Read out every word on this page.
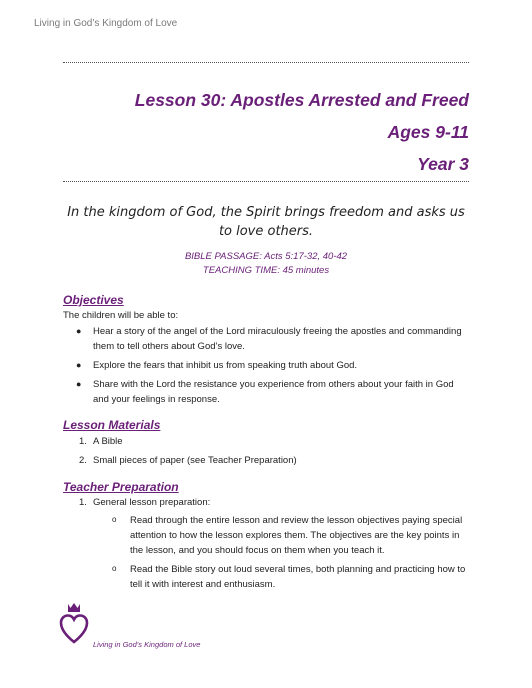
Living in God’s Kingdom of Love
Lesson 30: Apostles Arrested and Freed
Ages 9-11
Year 3
In the kingdom of God, the Spirit brings freedom and asks us to love others.
BIBLE PASSAGE: Acts 5:17-32, 40-42
TEACHING TIME: 45 minutes
Objectives
The children will be able to:
● Hear a story of the angel of the Lord miraculously freeing the apostles and commanding them to tell others about God’s love.
● Explore the fears that inhibit us from speaking truth about God.
● Share with the Lord the resistance you experience from others about your faith in God and your feelings in response.
Lesson Materials
1. A Bible
2. Small pieces of paper (see Teacher Preparation)
Teacher Preparation
1. General lesson preparation:
o Read through the entire lesson and review the lesson objectives paying special attention to how the lesson explores them. The objectives are the key points in the lesson, and you should focus on them when you teach it.
o Read the Bible story out loud several times, both planning and practicing how to tell it with interest and enthusiasm.
Living in God’s Kingdom of Love
